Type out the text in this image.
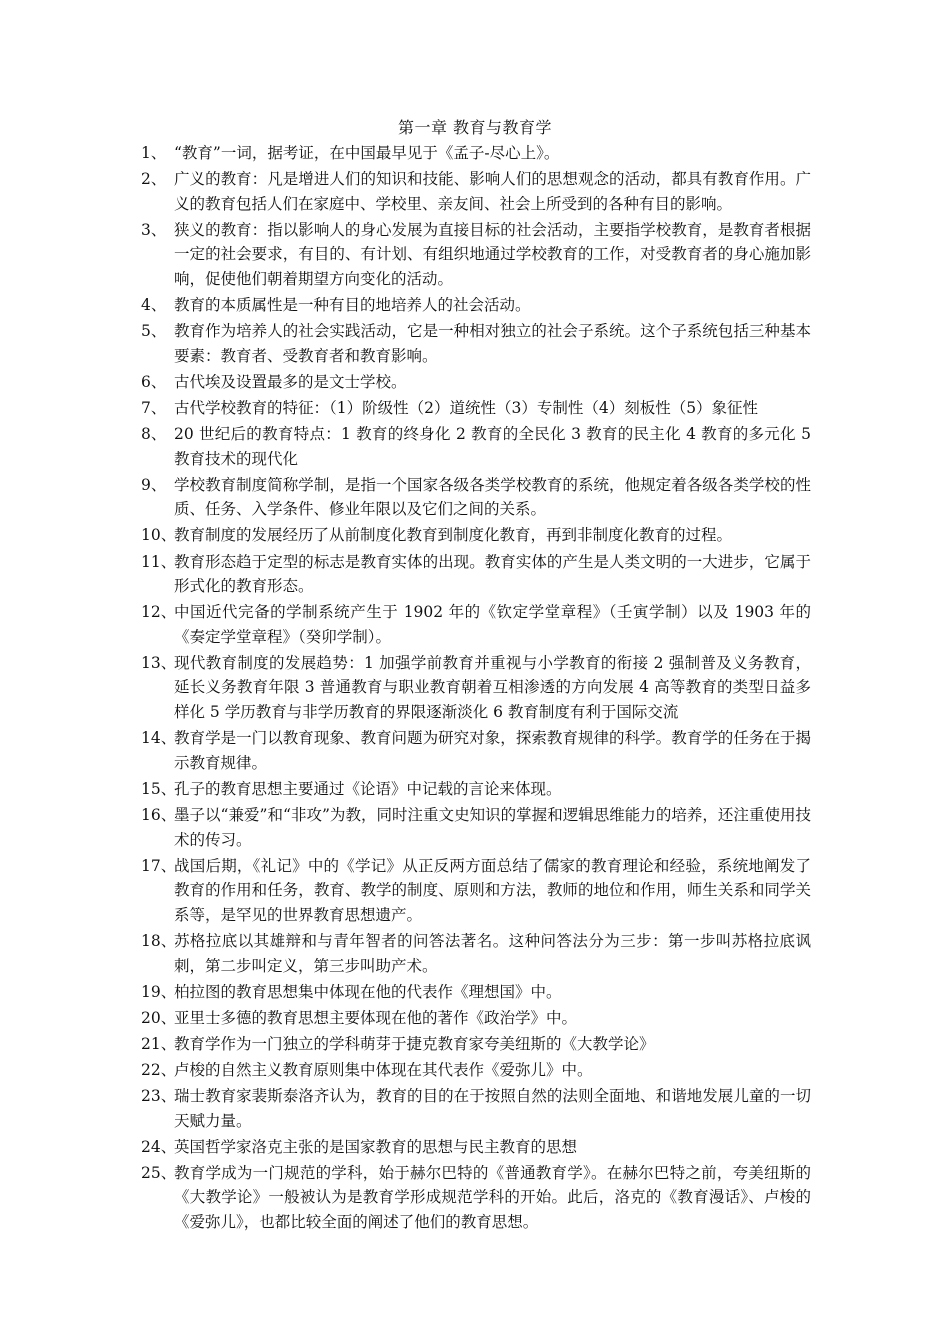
第一章 教育与教育学
1、 “教育”一词，据考证，在中国最早见于《孟子-尽心上》。
2、 广义的教育：凡是增进人们的知识和技能、影响人们的思想观念的活动，都具有教育作用。广义的教育包括人们在家庭中、学校里、亲友间、社会上所受到的各种有目的影响。
3、 狭义的教育：指以影响人的身心发展为直接目标的社会活动，主要指学校教育，是教育者根据一定的社会要求，有目的、有计划、有组织地通过学校教育的工作，对受教育者的身心施加影响，促使他们朝着期望方向变化的活动。
4、 教育的本质属性是一种有目的地培养人的社会活动。
5、 教育作为培养人的社会实践活动，它是一种相对独立的社会子系统。这个子系统包括三种基本要素：教育者、受教育者和教育影响。
6、 古代埃及设置最多的是文士学校。
7、 古代学校教育的特征：（1）阶级性（2）道统性（3）专制性（4）刻板性（5）象征性
8、 20 世纪后的教育特点：1 教育的终身化 2 教育的全民化 3 教育的民主化 4 教育的多元化 5 教育技术的现代化
9、 学校教育制度简称学制，是指一个国家各级各类学校教育的系统，他规定着各级各类学校的性质、任务、入学条件、修业年限以及它们之间的关系。
10、
教育制度的发展经历了从前制度化教育到制度化教育，再到非制度化教育的过程。
11、
教育形态趋于定型的标志是教育实体的出现。教育实体的产生是人类文明的一大进步，它属于形式化的教育形态。
12、
中国近代完备的学制系统产生于 1902 年的《钦定学堂章程》（壬寅学制）以及 1903 年的《奏定学堂章程》（癸卯学制）。
13、
现代教育制度的发展趋势：1 加强学前教育并重视与小学教育的衔接 2 强制普及义务教育，延长义务教育年限 3 普通教育与职业教育朝着互相渗透的方向发展 4 高等教育的类型日益多样化 5 学历教育与非学历教育的界限逐渐淡化 6 教育制度有利于国际交流
14、
教育学是一门以教育现象、教育问题为研究对象，探索教育规律的科学。教育学的任务在于揭示教育规律。
15、
孔子的教育思想主要通过《论语》中记载的言论来体现。
16、
墨子以“兼爱”和“非攻”为教，同时注重文史知识的掌握和逻辑思维能力的培养，还注重使用技术的传习。
17、
战国后期，《礼记》中的《学记》从正反两方面总结了儒家的教育理论和经验，系统地阐发了教育的作用和任务，教育、教学的制度、原则和方法，教师的地位和作用，师生关系和同学关系等，是罕见的世界教育思想遗产。
18、
苏格拉底以其雄辩和与青年智者的问答法著名。这种问答法分为三步：第一步叫苏格拉底讽刺，第二步叫定义，第三步叫助产术。
19、
柏拉图的教育思想集中体现在他的代表作《理想国》中。
20、
亚里士多德的教育思想主要体现在他的著作《政治学》中。
21、
教育学作为一门独立的学科萌芽于捷克教育家夸美纽斯的《大教学论》
22、
卢梭的自然主义教育原则集中体现在其代表作《爱弥儿》中。
23、
瑞士教育家裴斯泰洛齐认为，教育的目的在于按照自然的法则全面地、和谐地发展儿童的一切天赋力量。
24、
英国哲学家洛克主张的是国家教育的思想与民主教育的思想
25、
教育学成为一门规范的学科，始于赫尔巴特的《普通教育学》。在赫尔巴特之前，夸美纽斯的《大教学论》一般被认为是教育学形成规范学科的开始。此后，洛克的《教育漫话》、卢梭的《爱弥儿》，也都比较全面的阐述了他们的教育思想。
